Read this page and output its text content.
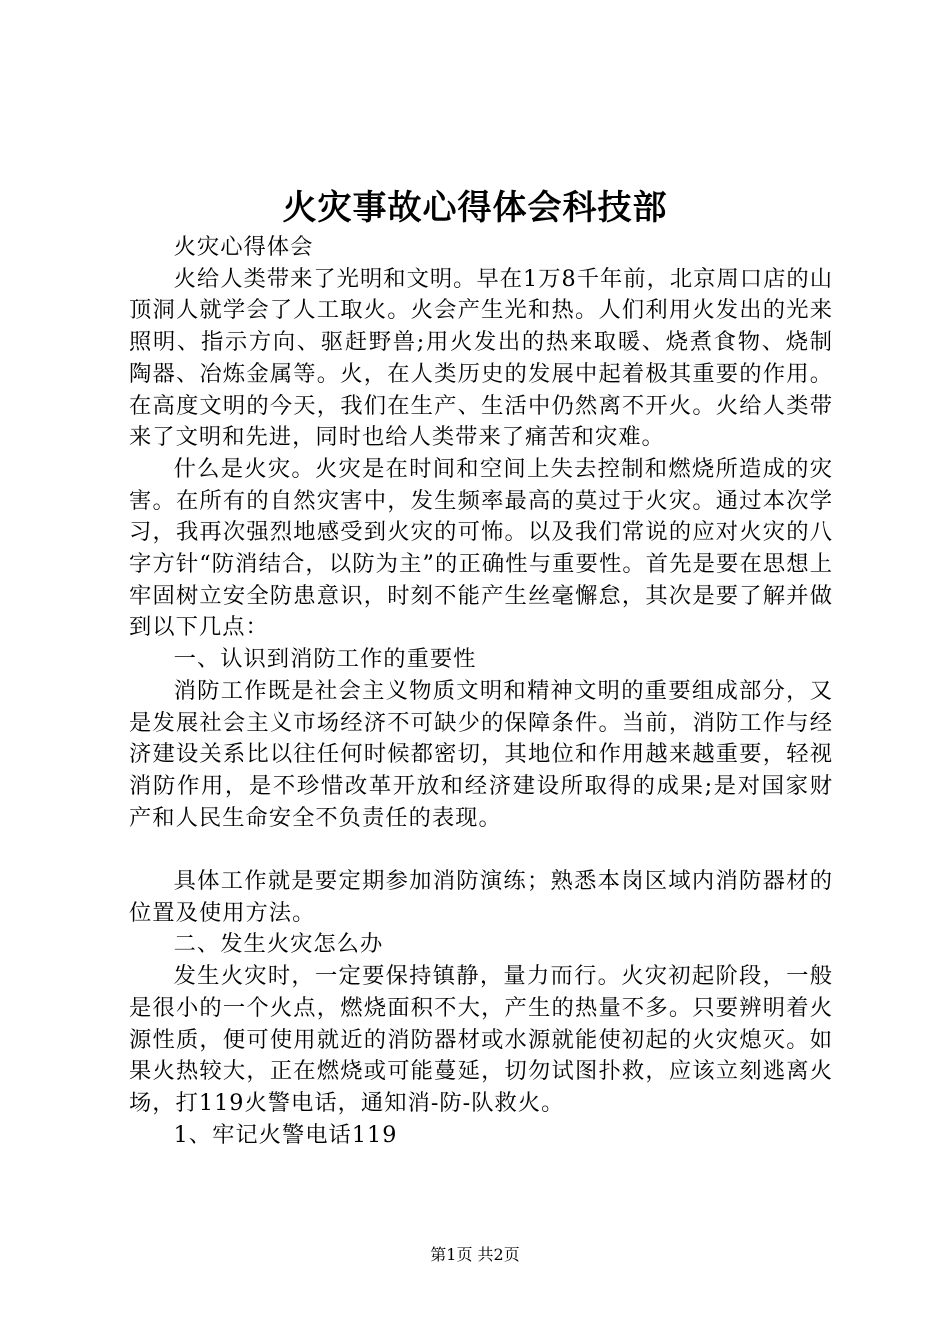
火灾事故心得体会科技部

火灾心得体会

火给人类带来了光明和文明。早在1万8千年前，北京周口店的山顶洞人就学会了人工取火。火会产生光和热。人们利用火发出的光来照明、指示方向、驱赶野兽;用火发出的热来取暖、烧煮食物、烧制陶器、冶炼金属等。火，在人类历史的发展中起着极其重要的作用。在高度文明的今天，我们在生产、生活中仍然离不开火。火给人类带来了文明和先进，同时也给人类带来了痛苦和灾难。

什么是火灾。火灾是在时间和空间上失去控制和燃烧所造成的灾害。在所有的自然灾害中，发生频率最高的莫过于火灾。通过本次学习，我再次强烈地感受到火灾的可怖。以及我们常说的应对火灾的八字方针“防消结合，以防为主”的正确性与重要性。首先是要在思想上牢固树立安全防患意识，时刻不能产生丝毫懈怠，其次是要了解并做到以下几点：

一、认识到消防工作的重要性

消防工作既是社会主义物质文明和精神文明的重要组成部分，又是发展社会主义市场经济不可缺少的保障条件。当前，消防工作与经济建设关系比以往任何时候都密切，其地位和作用越来越重要，轻视消防作用，是不珍惜改革开放和经济建设所取得的成果;是对国家财产和人民生命安全不负责任的表现。

具体工作就是要定期参加消防演练；熟悉本岗区域内消防器材的位置及使用方法。

二、发生火灾怎么办

发生火灾时，一定要保持镇静，量力而行。火灾初起阶段，一般是很小的一个火点，燃烧面积不大，产生的热量不多。只要辨明着火源性质，便可使用就近的消防器材或水源就能使初起的火灾熄灭。如果火热较大，正在燃烧或可能蔓延，切勿试图扑救，应该立刻逃离火场，打119火警电话，通知消-防-队救火。

1、牢记火警电话119

第1页 共2页
